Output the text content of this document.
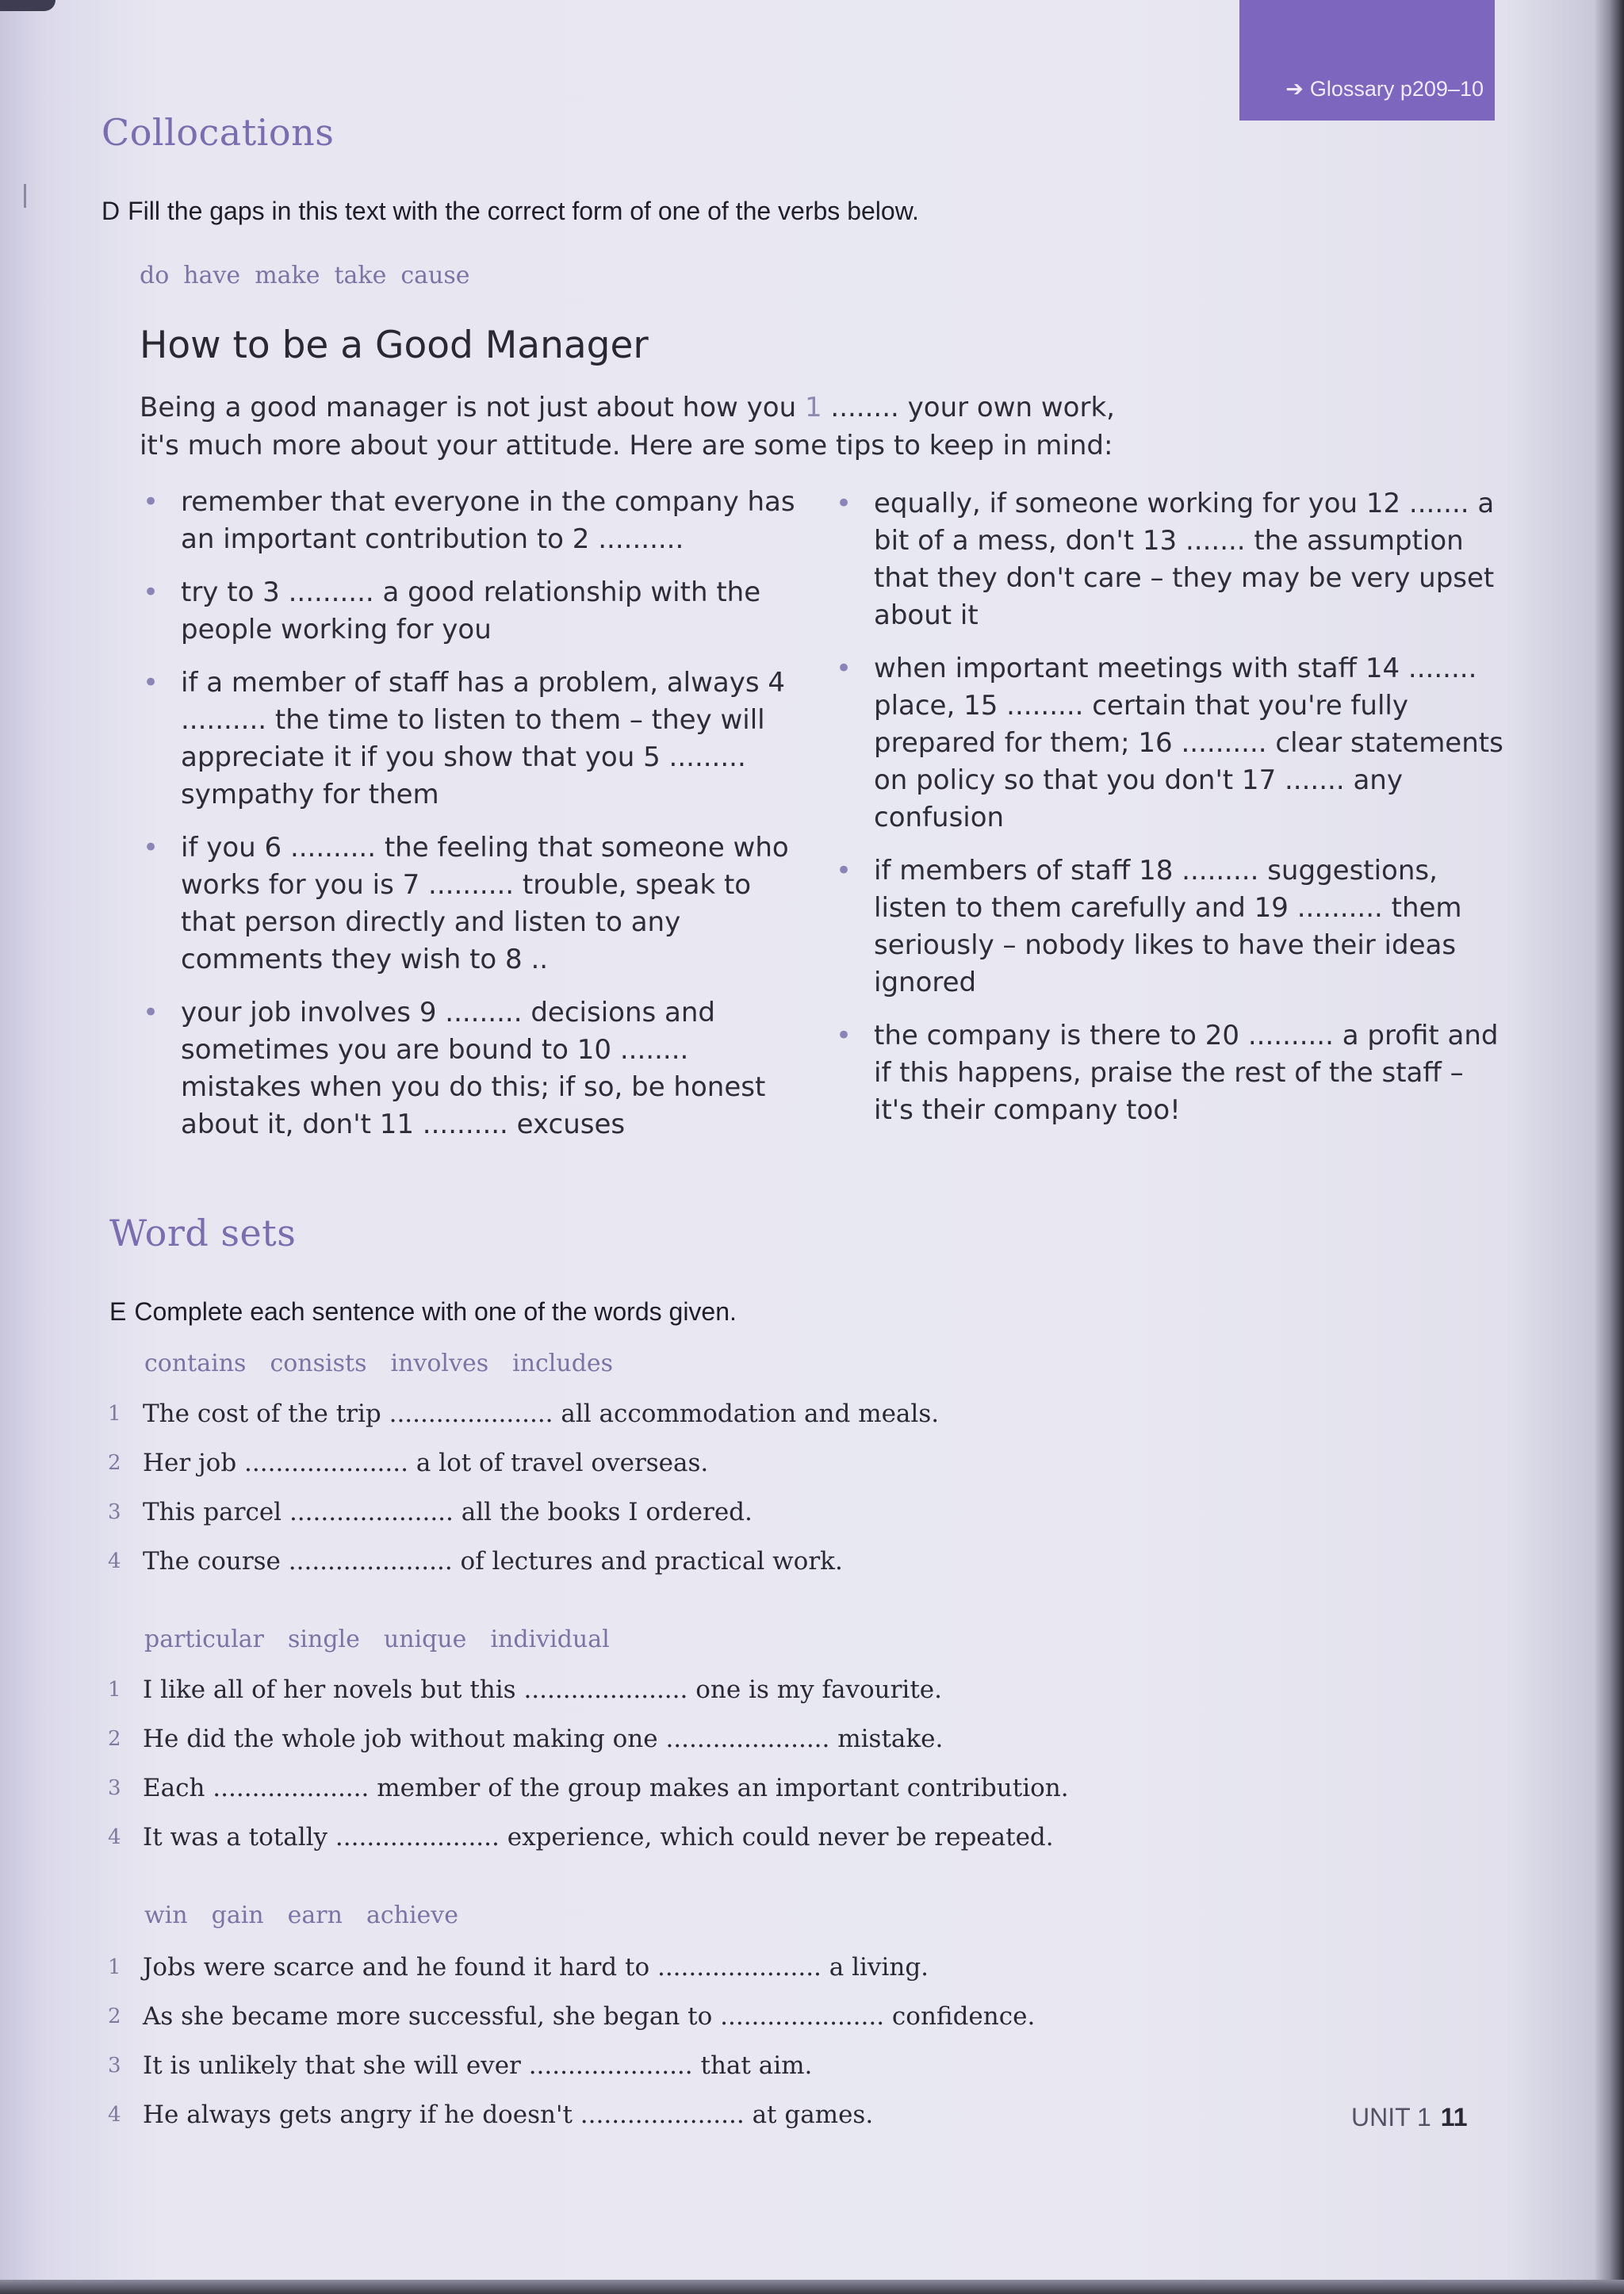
➔ Glossary p209–10
Collocations

D Fill the gaps in this text with the correct form of one of the verbs below.

do have make take cause
How to be a Good Manager

Being a good manager is not just about how you 1 ........ your own work,
it's much more about your attitude. Here are some tips to keep in mind:

• remember that everyone in the company has an important contribution to 2 ..........
• try to 3 .......... a good relationship with the people working for you
• if a member of staff has a problem, always 4 .......... the time to listen to them – they will appreciate it if you show that you 5 ......... sympathy for them
• if you 6 .......... the feeling that someone who works for you is 7 .......... trouble, speak to that person directly and listen to any comments they wish to 8 ..
• your job involves 9 ......... decisions and sometimes you are bound to 10 ........ mistakes when you do this; if so, be honest about it, don't 11 .......... excuses
• equally, if someone working for you 12 ....... a bit of a mess, don't 13 ....... the assumption that they don't care – they may be very upset about it
• when important meetings with staff 14 ........ place, 15 ......... certain that you're fully prepared for them; 16 .......... clear statements on policy so that you don't 17 ....... any confusion
• if members of staff 18 ......... suggestions, listen to them carefully and 19 .......... them seriously – nobody likes to have their ideas ignored
• the company is there to 20 .......... a profit and if this happens, praise the rest of the staff – it's their company too!
Word sets

E Complete each sentence with one of the words given.

contains consists involves includes
1 The cost of the trip ..................... all accommodation and meals.
2 Her job ..................... a lot of travel overseas.
3 This parcel ..................... all the books I ordered.
4 The course ..................... of lectures and practical work.
particular single unique individual
1 I like all of her novels but this ..................... one is my favourite.
2 He did the whole job without making one ..................... mistake.
3 Each .................... member of the group makes an important contribution.
4 It was a totally ..................... experience, which could never be repeated.
win gain earn achieve
1 Jobs were scarce and he found it hard to ..................... a living.
2 As she became more successful, she began to ..................... confidence.
3 It is unlikely that she will ever ..................... that aim.
4 He always gets angry if he doesn't ..................... at games.	UNIT 1 11
